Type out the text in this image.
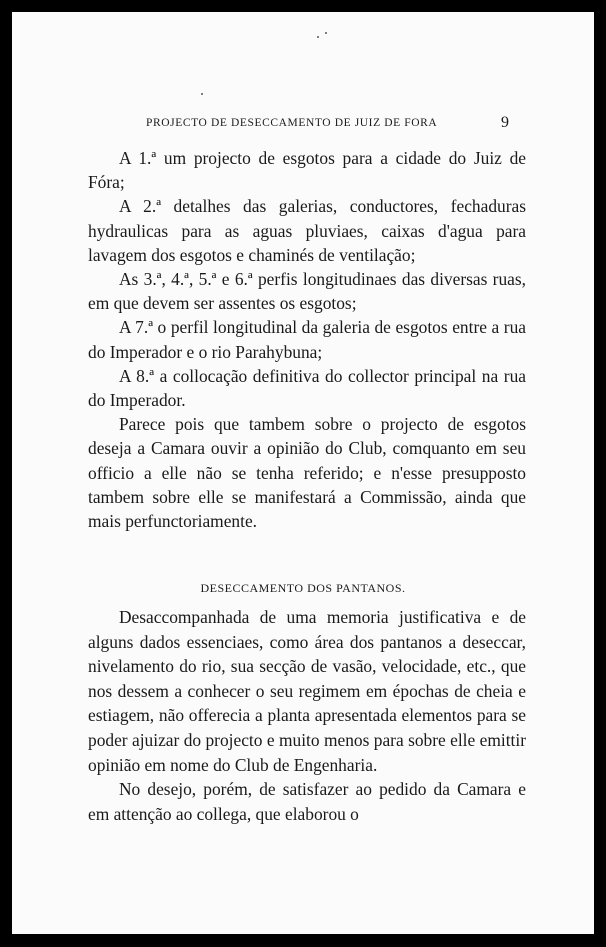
PROJECTO DE DESECCAMENTO DE JUIZ DE FORA	9

A 1.ª um projecto de esgotos para a cidade do Juiz de Fóra;

A 2.ª detalhes das galerias, conductores, fechaduras hydraulicas para as aguas pluviaes, caixas d'agua para lavagem dos esgotos e chaminés de ventilação;

As 3.ª, 4.ª, 5.ª e 6.ª perfis longitudinaes das diversas ruas, em que devem ser assentes os esgotos;

A 7.ª o perfil longitudinal da galeria de esgotos entre a rua do Imperador e o rio Parahybuna;

A 8.ª a collocação definitiva do collector principal na rua do Imperador.

Parece pois que tambem sobre o projecto de esgotos deseja a Camara ouvir a opinião do Club, comquanto em seu officio a elle não se tenha referido; e n'esse presupposto tambem sobre elle se manifestará a Commissão, ainda que mais perfunctoriamente.

DESECCAMENTO DOS PANTANOS.

Desaccompanhada de uma memoria justificativa e de alguns dados essenciaes, como área dos pantanos a deseccar, nivelamento do rio, sua secção de vasão, velocidade, etc., que nos dessem a conhecer o seu regimem em épochas de cheia e estiagem, não offerecia a planta apresentada elementos para se poder ajuizar do projecto e muito menos para sobre elle emittir opinião em nome do Club de Engenharia.

No desejo, porém, de satisfazer ao pedido da Camara e em attenção ao collega, que elaborou o
